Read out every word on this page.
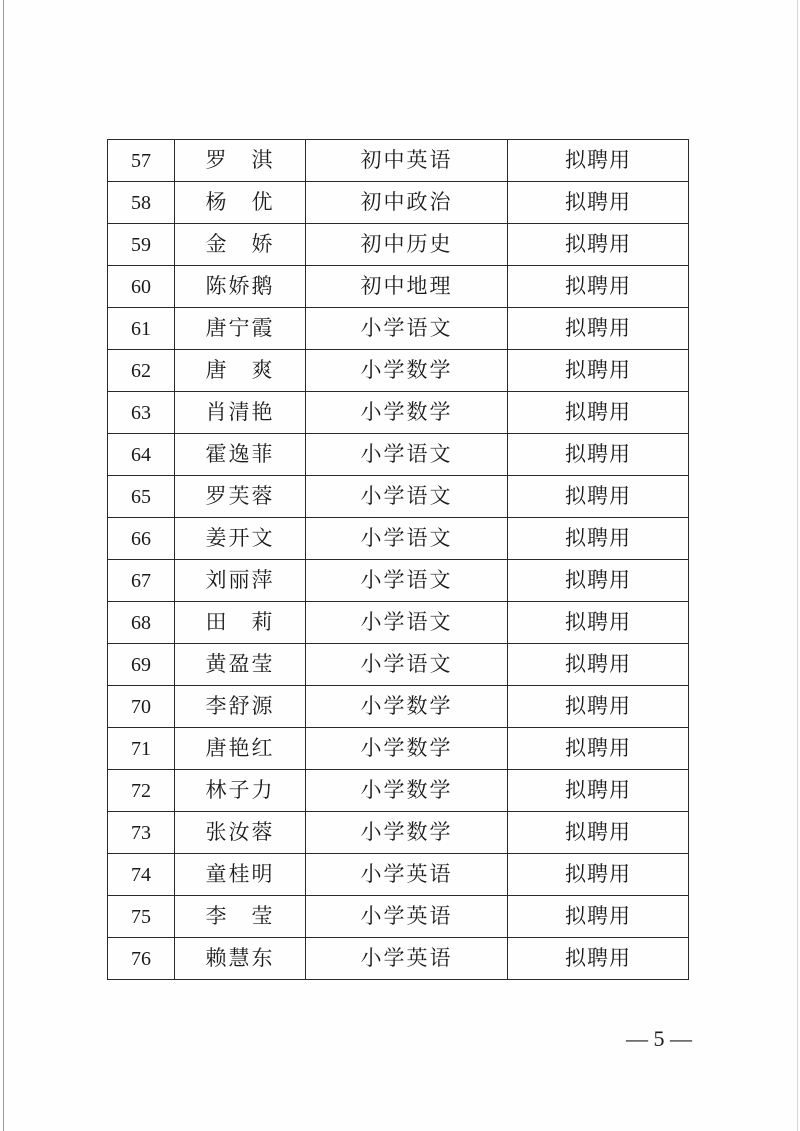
57	罗　淇	初中英语	拟聘用
58	杨　优	初中政治	拟聘用
59	金　娇	初中历史	拟聘用
60	陈娇鹅	初中地理	拟聘用
61	唐宁霞	小学语文	拟聘用
62	唐　爽	小学数学	拟聘用
63	肖清艳	小学数学	拟聘用
64	霍逸菲	小学语文	拟聘用
65	罗芙蓉	小学语文	拟聘用
66	姜开文	小学语文	拟聘用
67	刘丽萍	小学语文	拟聘用
68	田　莉	小学语文	拟聘用
69	黄盈莹	小学语文	拟聘用
70	李舒源	小学数学	拟聘用
71	唐艳红	小学数学	拟聘用
72	林子力	小学数学	拟聘用
73	张汝蓉	小学数学	拟聘用
74	童桂明	小学英语	拟聘用
75	李　莹	小学英语	拟聘用
76	赖慧东	小学英语	拟聘用
— 5 —
